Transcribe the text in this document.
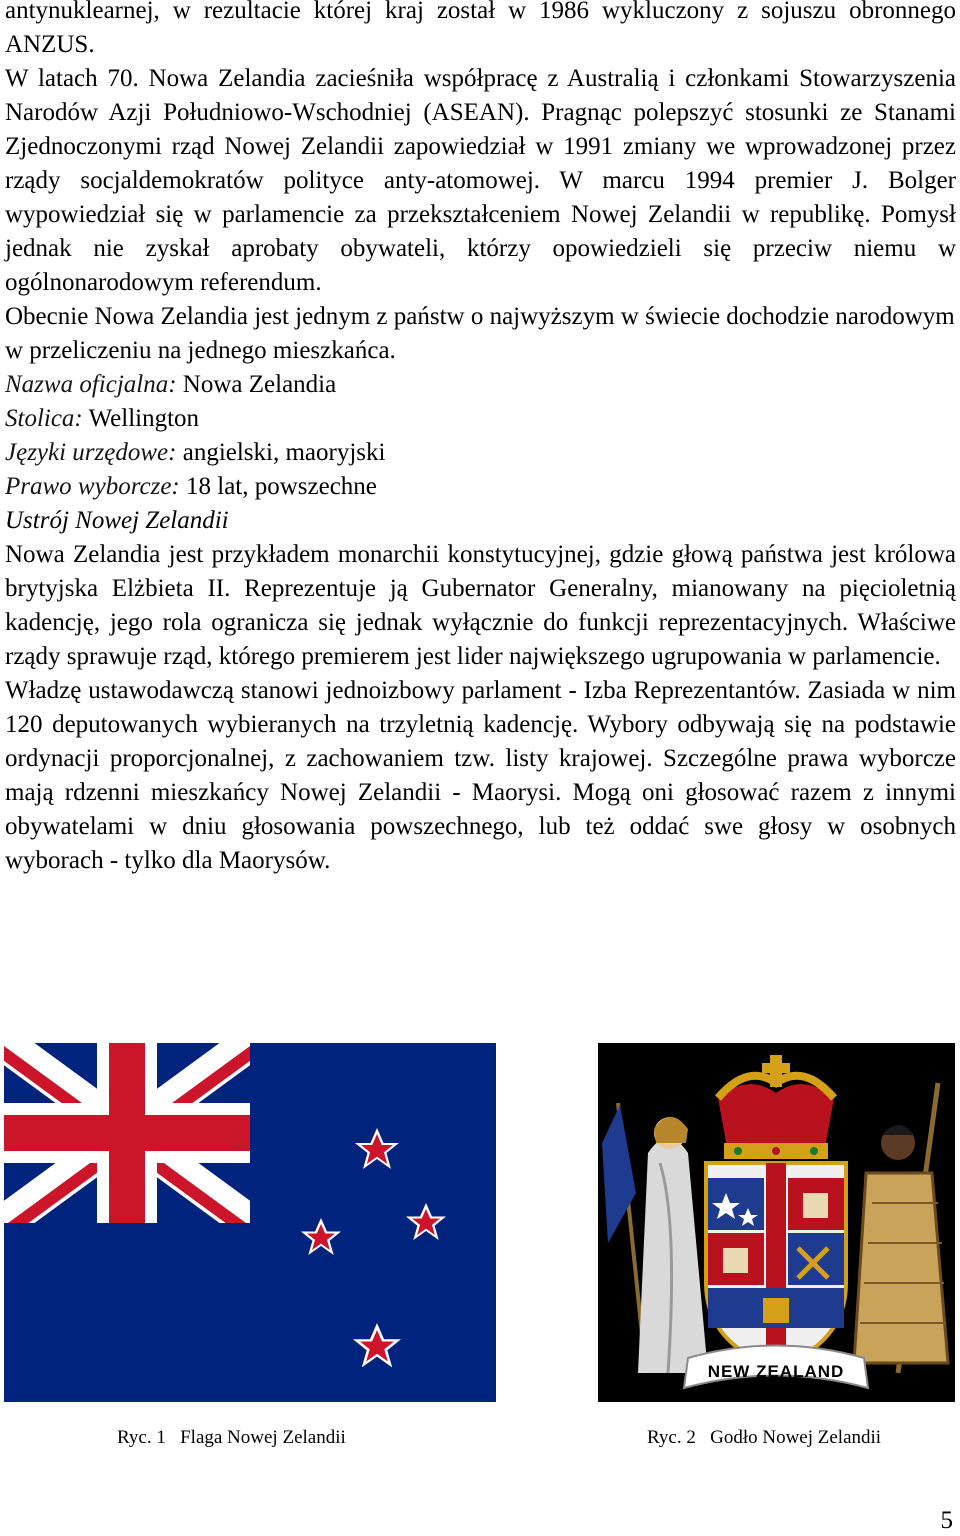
antynuklearnej, w rezultacie której kraj został w 1986 wykluczony z sojuszu obronnego ANZUS.

W latach 70. Nowa Zelandia zacieśniła współpracę z Australią i członkami Stowarzyszenia Narodów Azji Południowo-Wschodniej (ASEAN). Pragnąc polepszyć stosunki ze Stanami Zjednoczonymi rząd Nowej Zelandii zapowiedział w 1991 zmiany we wprowadzonej przez rządy socjaldemokratów polityce anty-atomowej. W marcu 1994 premier J. Bolger wypowiedział się w parlamencie za przekształceniem Nowej Zelandii w republikę. Pomysł jednak nie zyskał aprobaty obywateli, którzy opowiedzieli się przeciw niemu w ogólnonarodowym referendum.

Obecnie Nowa Zelandia jest jednym z państw o najwyższym w świecie dochodzie narodowym w przeliczeniu na jednego mieszkańca.

Nazwa oficjalna: Nowa Zelandia

Stolica: Wellington

Języki urzędowe: angielski, maoryjski

Prawo wyborcze: 18 lat, powszechne

Ustrój Nowej Zelandii

Nowa Zelandia jest przykładem monarchii konstytucyjnej, gdzie głową państwa jest królowa brytyjska Elżbieta II. Reprezentuje ją Gubernator Generalny, mianowany na pięcioletnią kadencję, jego rola ogranicza się jednak wyłącznie do funkcji reprezentacyjnych. Właściwe rządy sprawuje rząd, którego premierem jest lider największego ugrupowania w parlamencie.

Władzę ustawodawczą stanowi jednoizbowy parlament - Izba Reprezentantów. Zasiada w nim 120 deputowanych wybieranych na trzyletnią kadencję. Wybory odbywają się na podstawie ordynacji proporcjonalnej, z zachowaniem tzw. listy krajowej. Szczególne prawa wyborcze mają rdzenni mieszkańcy Nowej Zelandii - Maorysi. Mogą oni głosować razem z innymi obywatelami w dniu głosowania powszechnego, lub też oddać swe głosy w osobnych wyborach - tylko dla Maorysów.

NEW ZEALAND
Ryc. 1   Flaga Nowej Zelandii	Ryc. 2   Godło Nowej Zelandii
5
